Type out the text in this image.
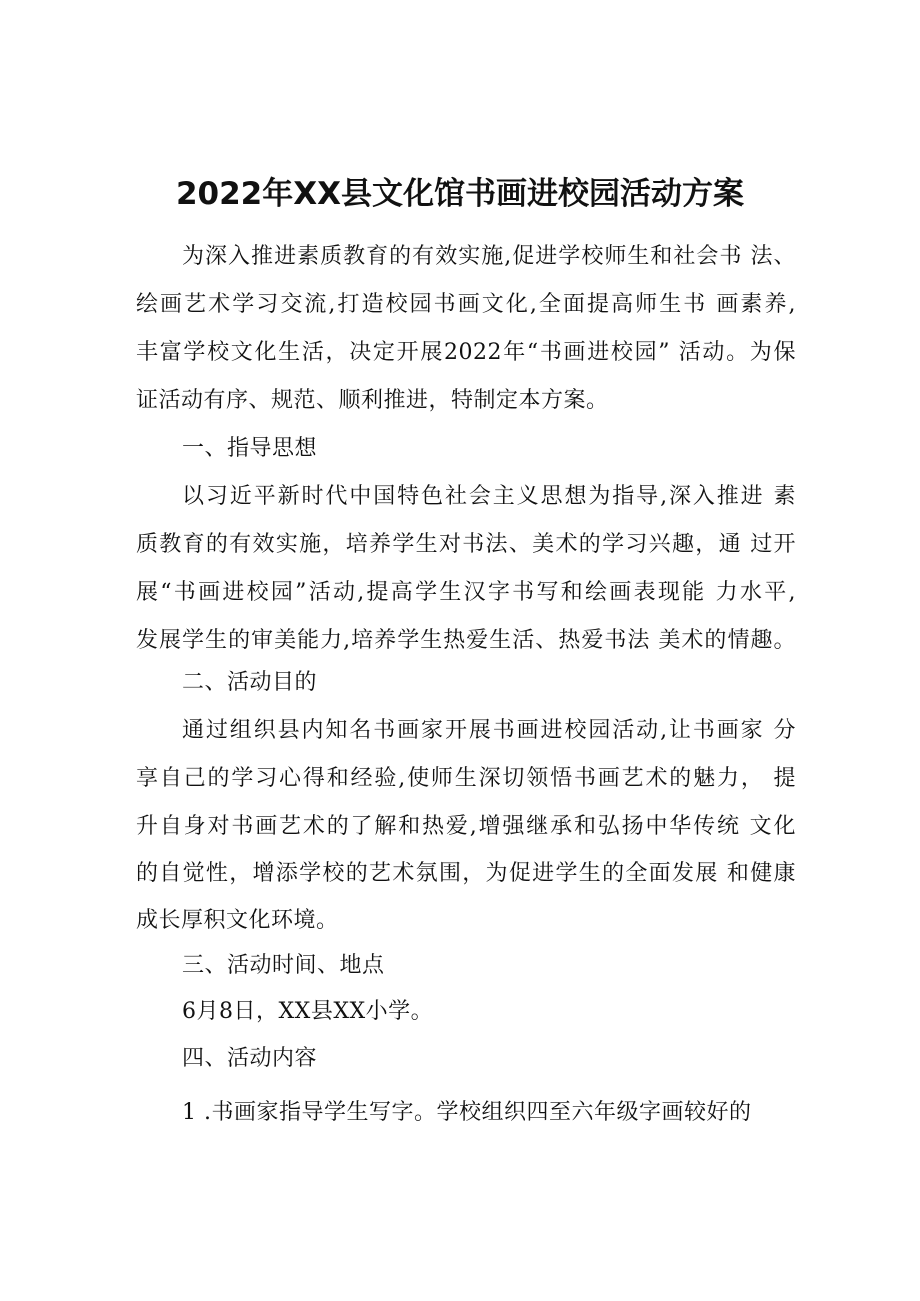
2022年XX县文化馆书画进校园活动方案
为深入推进素质教育的有效实施,促进学校师生和社会书 法、
绘画艺术学习交流,打造校园书画文化,全面提高师生书 画素养,
丰富学校文化生活，决定开展2022年“书画进校园” 活动。为保
证活动有序、规范、顺利推进，特制定本方案。
一、指导思想
以习近平新时代中国特色社会主义思想为指导,深入推进 素
质教育的有效实施，培养学生对书法、美术的学习兴趣，通 过开
展“书画进校园”活动,提高学生汉字书写和绘画表现能 力水平,
发展学生的审美能力,培养学生热爱生活、热爱书法 美术的情趣。
二、活动目的
通过组织县内知名书画家开展书画进校园活动,让书画家 分
享自己的学习心得和经验,使师生深切领悟书画艺术的魅力， 提
升自身对书画艺术的了解和热爱,增强继承和弘扬中华传统 文化
的自觉性，增添学校的艺术氛围，为促进学生的全面发展 和健康
成长厚积文化环境。
三、活动时间、地点
6月8日，XX县XX小学。
四、活动内容
1 .书画家指导学生写字。学校组织四至六年级字画较好的
